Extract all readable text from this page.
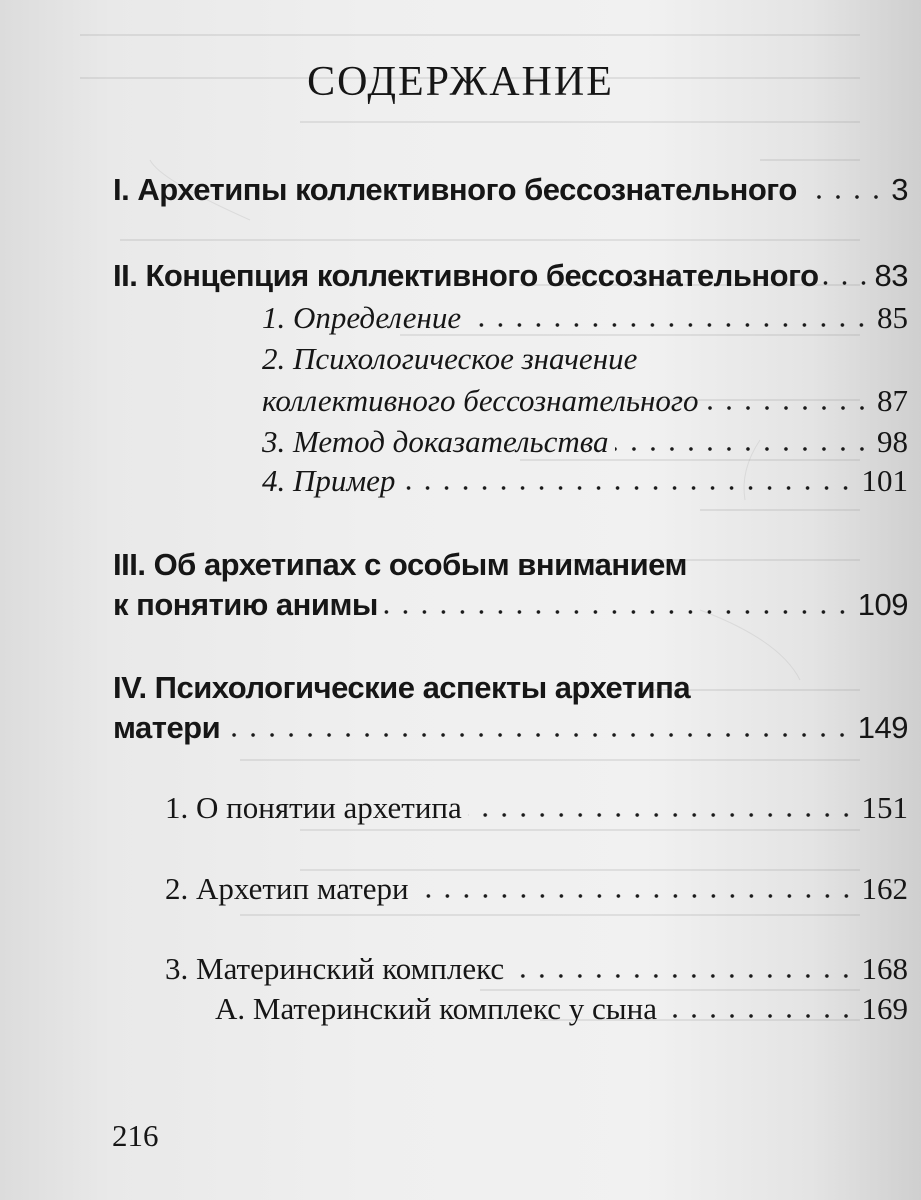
СОДЕРЖАНИЕ
I. Архетипы коллективного бессознательного	3
II. Концепция коллективного бессознательного 83
1. Определение	85
2. Психологическое значение
коллективного бессознательного	87
3. Метод доказательства	98
4. Пример	101
III. Об архетипах с особым вниманием
к понятию анимы	109
IV. Психологические аспекты архетипа
матери	149
1. О понятии архетипа	151
2. Архетип матери	162
3. Материнский комплекс	168
А. Материнский комплекс у сына	169
216
